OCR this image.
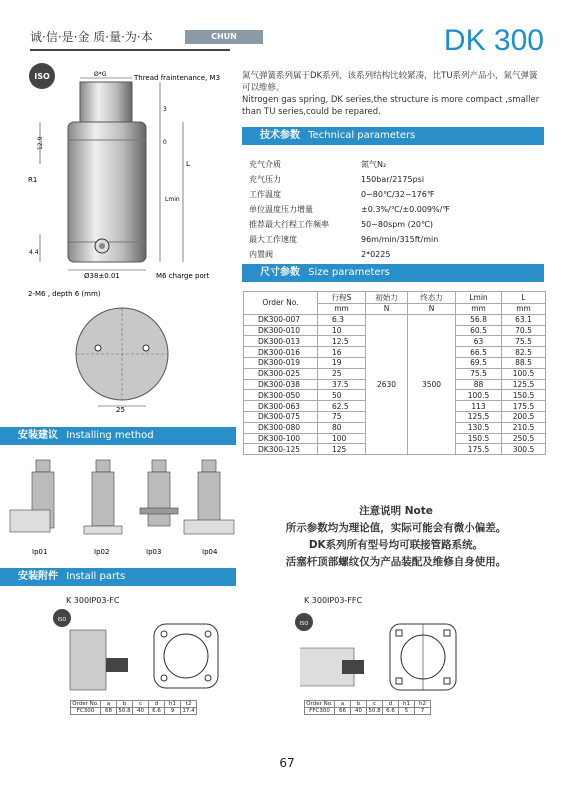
诚·信·是·金 质·量·为·本	CHUN	DK 300
氮气弹簧系列属于DK系列，该系列结构比较紧凑，比TU系列产品小，氮气弹簧可以维修。
Nitrogen gas spring, DK series,the structure is more compact ,smaller than TU series,could be repared.
ISO	Ø*G	Thread fraintenance, M3
3
0
L
Lmin
12.9
R1
4.4
Ø38±0.01	M6 charge port
2-M6 , depth 6 (mm)
25
技术参数 Technical parameters
充气介质	氮气N₂
充气压力	150bar/2175psi
工作温度	0~80℃/32~176℉
单位温度压力增量	±0.3%/℃/±0.009%/℉
推荐最大行程工作频率	50~80spm (20℃)
最大工作速度	96m/min/315ft/min
内置阀	2*0225
尺寸参数 Size parameters
Order No.	行程S	初始力	终态力	Lmin	L
	mm	N	N	mm	mm
DK300-007	6.3	2630	3500	56.8	63.1
DK300-010	10			60.5	70.5
DK300-013	12.5			63	75.5
DK300-016	16			66.5	82.5
DK300-019	19			69.5	88.5
DK300-025	25			75.5	100.5
DK300-038	37.5			88	125.5
DK300-050	50			100.5	150.5
DK300-063	62.5			113	175.5
DK300-075	75			125.5	200.5
DK300-080	80			130.5	210.5
DK300-100	100			150.5	250.5
DK300-125	125			175.5	300.5
安装建议 Installing method
Ip01	Ip02	Ip03	Ip04
注意说明 Note
所示参数均为理论值，实际可能会有微小偏差。
DK系列所有型号均可联接管路系统。
活塞杆顶部螺纹仅为产品装配及维修自身使用。
安装附件 Install parts
K 300IP03-FC	K 300IP03-FFC
ISO
ISO
Order No.	a	b	c	d	h1	t2
FC300	68	50.8	40	6.6	9	17.4
Order No.	a	b	c	d	h1	h2
FFC300	66	40	50.8	6.6	5	7
67
